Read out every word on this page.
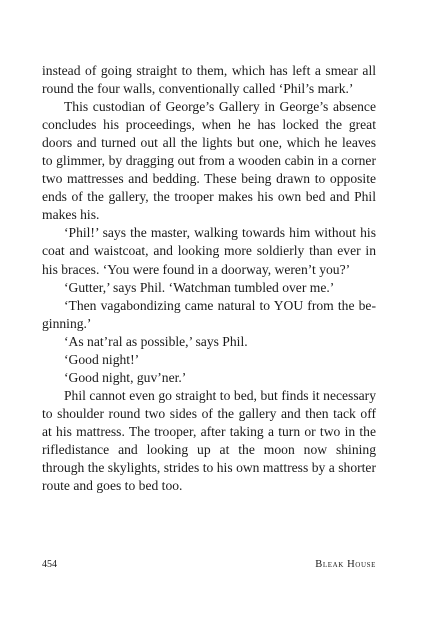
instead of going straight to them, which has left a smear all round the four walls, conventionally called ‘Phil’s mark.’

This custodian of George’s Gallery in George’s absence concludes his proceedings, when he has locked the great doors and turned out all the lights but one, which he leaves to glimmer, by dragging out from a wooden cabin in a corner two mattresses and bedding. These being drawn to opposite ends of the gallery, the trooper makes his own bed and Phil makes his.

‘Phil!’ says the master, walking towards him without his coat and waistcoat, and looking more soldierly than ever in his braces. ‘You were found in a doorway, weren’t you?’

‘Gutter,’ says Phil. ‘Watchman tumbled over me.’

‘Then vagabondizing came natural to YOU from the beginning.’

‘As nat’ral as possible,’ says Phil.

‘Good night!’

‘Good night, guv’ner.’

Phil cannot even go straight to bed, but finds it necessary to shoulder round two sides of the gallery and then tack off at his mattress. The trooper, after taking a turn or two in the rifledistance and looking up at the moon now shining through the skylights, strides to his own mattress by a shorter route and goes to bed too.

454	Bleak House
